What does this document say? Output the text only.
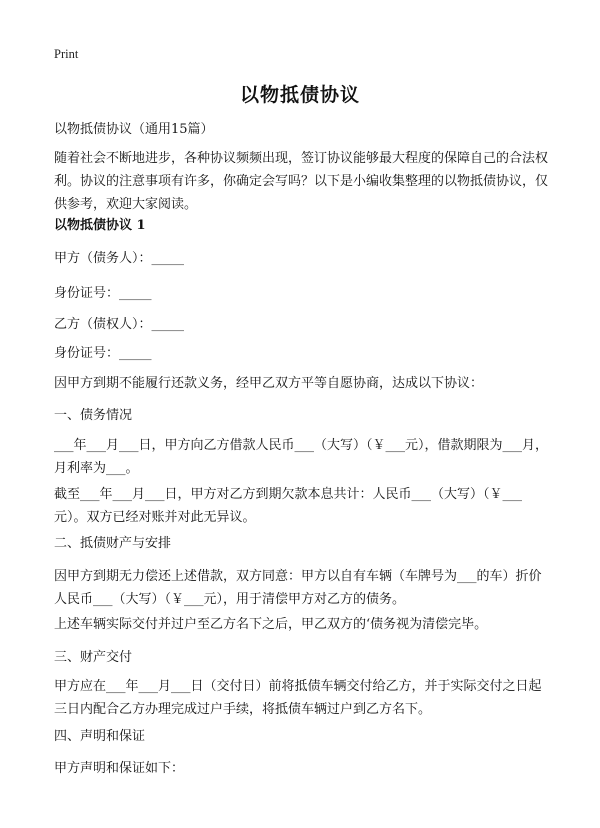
Print
以物抵债协议

以物抵债协议（通用15篇）

随着社会不断地进步，各种协议频频出现，签订协议能够最大程度的保障自己的合法权利。协议的注意事项有许多，你确定会写吗？以下是小编收集整理的以物抵债协议，仅供参考，欢迎大家阅读。

以物抵债协议 1

甲方（债务人）：_____

身份证号：_____

乙方（债权人）：_____

身份证号：_____

因甲方到期不能履行还款义务，经甲乙双方平等自愿协商，达成以下协议：

一、债务情况

___年___月___日，甲方向乙方借款人民币___（大写）（￥___元），借款期限为___月，月利率为___。

截至___年___月___日，甲方对乙方到期欠款本息共计：人民币___（大写）（￥___元）。双方已经对账并对此无异议。

二、抵债财产与安排

因甲方到期无力偿还上述借款，双方同意：甲方以自有车辆（车牌号为___的车）折价人民币___（大写）（￥___元），用于清偿甲方对乙方的债务。

上述车辆实际交付并过户至乙方名下之后，甲乙双方的‘债务视为清偿完毕。

三、财产交付

甲方应在___年___月___日（交付日）前将抵债车辆交付给乙方，并于实际交付之日起三日内配合乙方办理完成过户手续，将抵债车辆过户到乙方名下。

四、声明和保证

甲方声明和保证如下：
